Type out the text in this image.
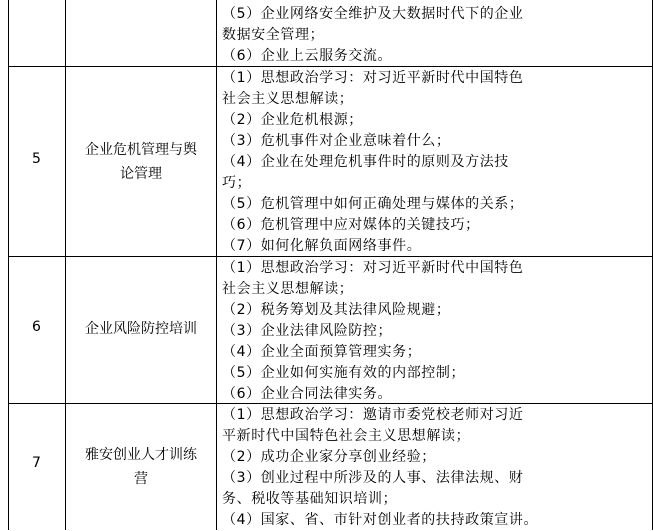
（5）企业网络安全维护及大数据时代下的企业
数据安全管理；
（6）企业上云服务交流。
5
企业危机管理与舆
论管理
（1）思想政治学习：对习近平新时代中国特色
社会主义思想解读；
（2）企业危机根源；
（3）危机事件对企业意味着什么；
（4）企业在处理危机事件时的原则及方法技
巧；
（5）危机管理中如何正确处理与媒体的关系；
（6）危机管理中应对媒体的关键技巧；
（7）如何化解负面网络事件。
6	企业风险防控培训
（1）思想政治学习：对习近平新时代中国特色
社会主义思想解读；
（2）税务筹划及其法律风险规避；
（3）企业法律风险防控；
（4）企业全面预算管理实务；
（5）企业如何实施有效的内部控制；
（6）企业合同法律实务。
7	雅安创业人才训练
营
（1）思想政治学习：邀请市委党校老师对习近
平新时代中国特色社会主义思想解读；
（2）成功企业家分享创业经验；
（3）创业过程中所涉及的人事、法律法规、财
务、税收等基础知识培训；
（4）国家、省、市针对创业者的扶持政策宣讲。
